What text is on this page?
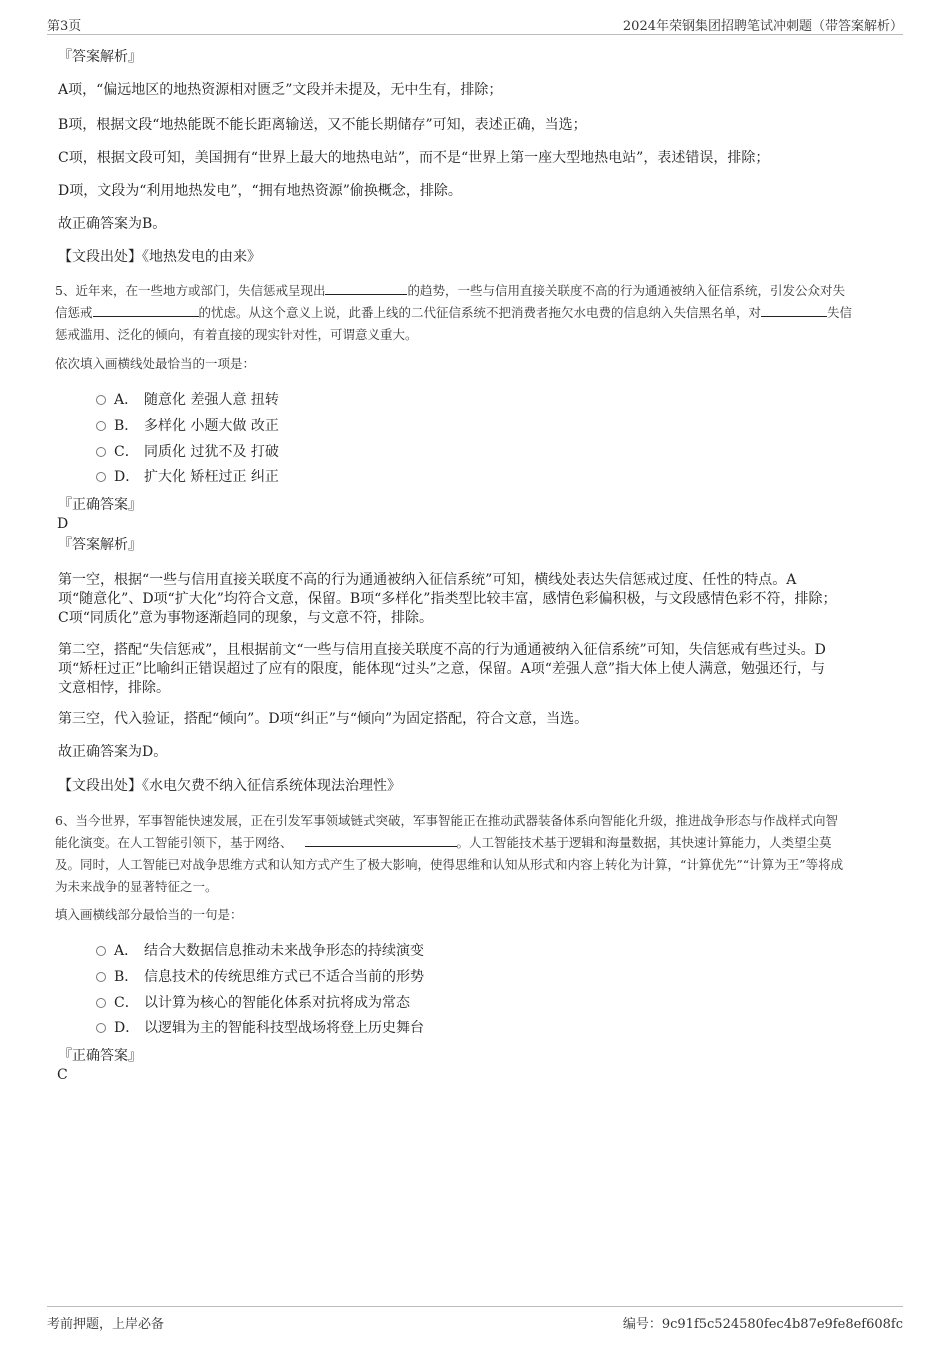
第3页	2024年荣钢集团招聘笔试冲刺题（带答案解析）
『答案解析』
A项，“偏远地区的地热资源相对匮乏”文段并未提及，无中生有，排除；
B项，根据文段“地热能既不能长距离输送，又不能长期储存”可知，表述正确，当选；
C项，根据文段可知，美国拥有“世界上最大的地热电站”，而不是“世界上第一座大型地热电站”，表述错误，排除；
D项，文段为“利用地热发电”，“拥有地热资源”偷换概念，排除。
故正确答案为B。
【文段出处】《地热发电的由来》
5、近年来，在一些地方或部门，失信惩戒呈现出	的趋势，一些与信用直接关联度不高的行为通通被纳入征信系统，引发公众对失
信惩戒	的忧虑。从这个意义上说，此番上线的二代征信系统不把消费者拖欠水电费的信息纳入失信黑名单，对	失信
惩戒滥用、泛化的倾向，有着直接的现实针对性，可谓意义重大。
依次填入画横线处最恰当的一项是：
A． 随意化 差强人意 扭转
B． 多样化 小题大做 改正
C． 同质化 过犹不及 打破
D． 扩大化 矫枉过正 纠正
『正确答案』
D
『答案解析』
第一空，根据“一些与信用直接关联度不高的行为通通被纳入征信系统”可知，横线处表达失信惩戒过度、任性的特点。A
项“随意化”、D项“扩大化”均符合文意，保留。B项“多样化”指类型比较丰富，感情色彩偏积极，与文段感情色彩不符，排除；
C项“同质化”意为事物逐渐趋同的现象，与文意不符，排除。
第二空，搭配“失信惩戒”，且根据前文“一些与信用直接关联度不高的行为通通被纳入征信系统”可知，失信惩戒有些过头。D
项“矫枉过正”比喻纠正错误超过了应有的限度，能体现“过头”之意，保留。A项“差强人意”指大体上使人满意，勉强还行，与
文意相悖，排除。
第三空，代入验证，搭配“倾向”。D项“纠正”与“倾向”为固定搭配，符合文意，当选。
故正确答案为D。
【文段出处】《水电欠费不纳入征信系统体现法治理性》
6、当今世界，军事智能快速发展，正在引发军事领域链式突破，军事智能正在推动武器装备体系向智能化升级，推进战争形态与作战样式向智
能化演变。在人工智能引领下，基于网络、	。人工智能技术基于逻辑和海量数据，其快速计算能力，人类望尘莫
及。同时，人工智能已对战争思维方式和认知方式产生了极大影响，使得思维和认知从形式和内容上转化为计算，“计算优先”“计算为王”等将成
为未来战争的显著特征之一。
填入画横线部分最恰当的一句是：
A． 结合大数据信息推动未来战争形态的持续演变
B． 信息技术的传统思维方式已不适合当前的形势
C． 以计算为核心的智能化体系对抗将成为常态
D． 以逻辑为主的智能科技型战场将登上历史舞台
『正确答案』
C
考前押题，上岸必备	编号：9c91f5c524580fec4b87e9fe8ef608fc
